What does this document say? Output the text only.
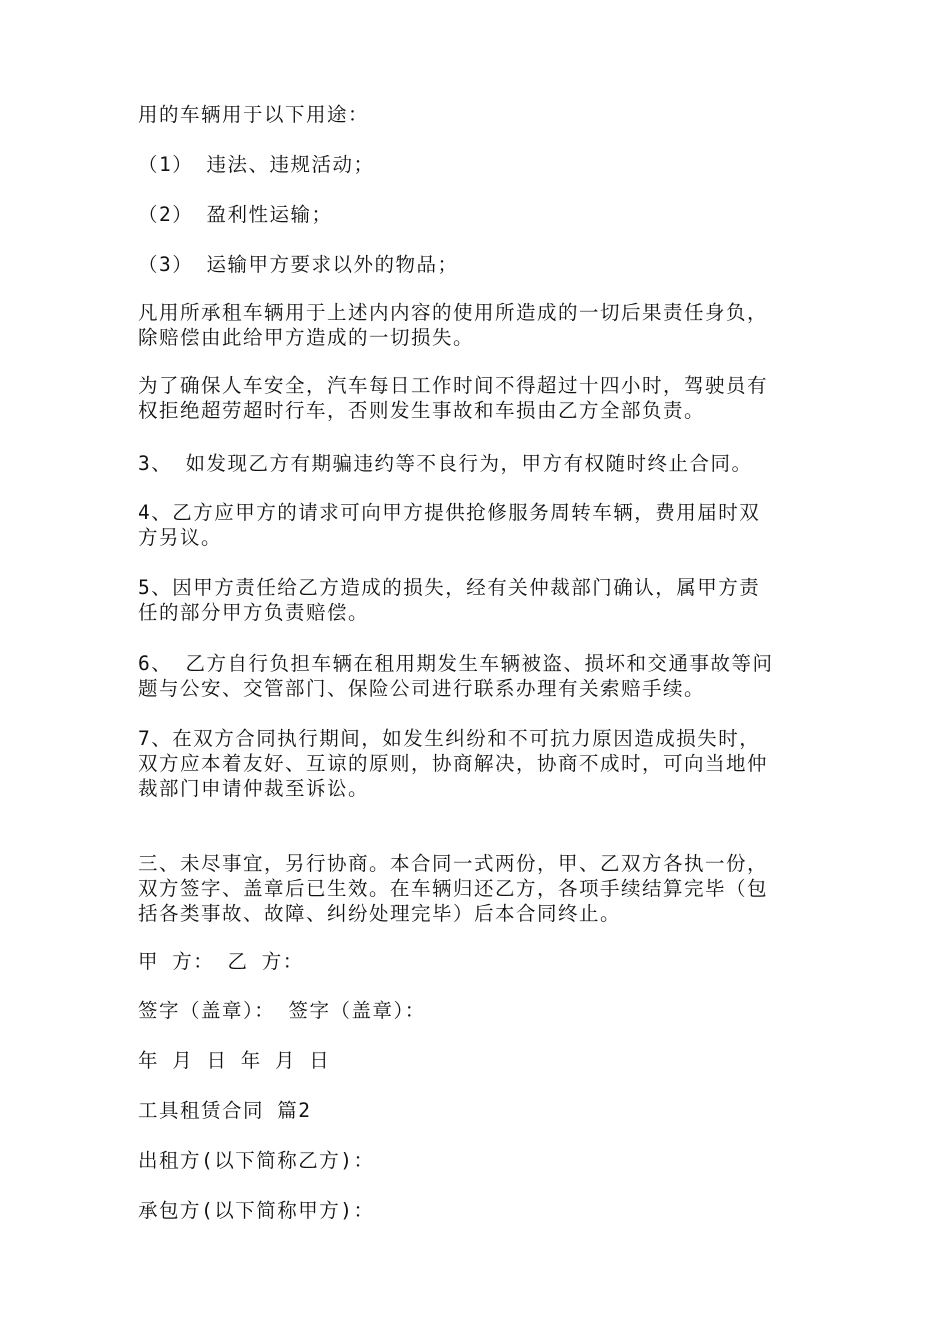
用的车辆用于以下用途：

（1） 违法、违规活动；

（2） 盈利性运输；

（3） 运输甲方要求以外的物品；

凡用所承租车辆用于上述内内容的使用所造成的一切后果责任身负，
除赔偿由此给甲方造成的一切损失。

为了确保人车安全，汽车每日工作时间不得超过十四小时，驾驶员有
权拒绝超劳超时行车，否则发生事故和车损由乙方全部负责。

3、 如发现乙方有期骗违约等不良行为，甲方有权随时终止合同。

4、乙方应甲方的请求可向甲方提供抢修服务周转车辆，费用届时双
方另议。

5、因甲方责任给乙方造成的损失，经有关仲裁部门确认，属甲方责
任的部分甲方负责赔偿。

6、 乙方自行负担车辆在租用期发生车辆被盗、损坏和交通事故等问
题与公安、交管部门、保险公司进行联系办理有关索赔手续。

7、在双方合同执行期间，如发生纠纷和不可抗力原因造成损失时，
双方应本着友好、互谅的原则，协商解决，协商不成时，可向当地仲
裁部门申请仲裁至诉讼。

三、未尽事宜，另行协商。本合同一式两份，甲、乙双方各执一份，
双方签字、盖章后已生效。在车辆归还乙方，各项手续结算完毕（包
括各类事故、故障、纠纷处理完毕）后本合同终止。

甲 方： 乙 方：

签字（盖章）： 签字（盖章）：

年 月 日 年 月 日

工具租赁合同 篇2

出租方(以下简称乙方)：

承包方(以下简称甲方)：
